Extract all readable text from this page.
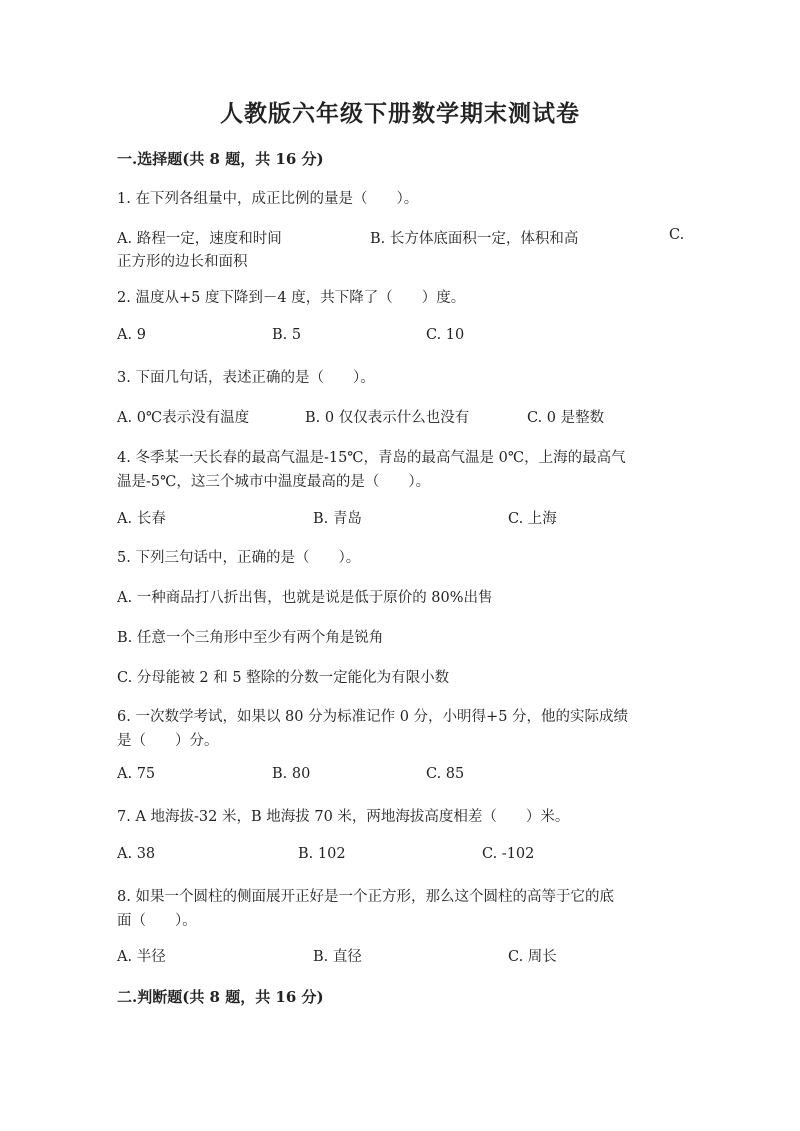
人教版六年级下册数学期末测试卷
一.选择题(共 8 题，共 16 分)
1. 在下列各组量中，成正比例的量是（　　）。
A. 路程一定，速度和时间	B. 长方体底面积一定，体积和高	C.
正方形的边长和面积
2. 温度从+5 度下降到－4 度，共下降了（　　）度。
A. 9	B. 5	C. 10
3. 下面几句话，表述正确的是（　　）。
A. 0℃表示没有温度	B. 0 仅仅表示什么也没有	C. 0 是整数
4. 冬季某一天长春的最高气温是-15℃，青岛的最高气温是 0℃，上海的最高气
温是-5℃，这三个城市中温度最高的是（　　）。
A. 长春	B. 青岛	C. 上海
5. 下列三句话中，正确的是（　　）。
A. 一种商品打八折出售，也就是说是低于原价的 80%出售
B. 任意一个三角形中至少有两个角是锐角
C. 分母能被 2 和 5 整除的分数一定能化为有限小数
6. 一次数学考试，如果以 80 分为标准记作 0 分，小明得+5 分，他的实际成绩
是（　　）分。
A. 75	B. 80	C. 85
7. A 地海拔-32 米，B 地海拔 70 米，两地海拔高度相差（　　）米。
A. 38	B. 102	C. -102
8. 如果一个圆柱的侧面展开正好是一个正方形，那么这个圆柱的高等于它的底
面（　　）。
A. 半径	B. 直径	C. 周长
二.判断题(共 8 题，共 16 分)
